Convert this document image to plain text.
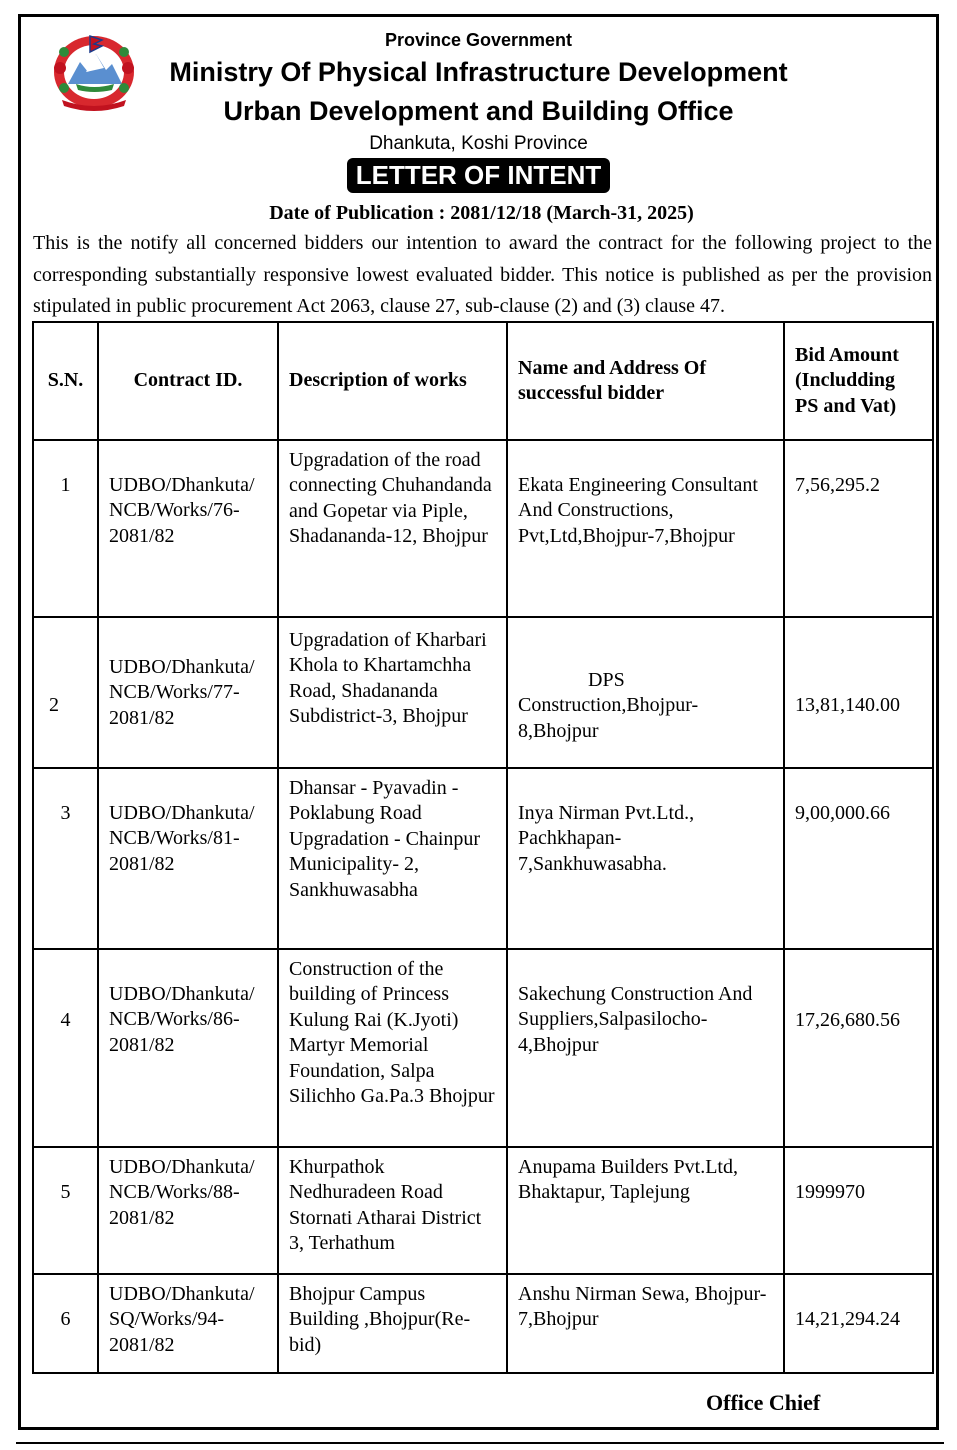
Province Government
Ministry Of Physical Infrastructure Development
Urban Development and Building Office
Dhankuta, Koshi Province
LETTER OF INTENT
Date of Publication : 2081/12/18 (March-31, 2025)

This is the notify all concerned bidders our intention to award the contract for the following project to the corresponding substantially responsive lowest evaluated bidder. This notice is published as per the provision stipulated in public procurement Act 2063, clause 27, sub-clause (2) and (3) clause 47.

S.N.	Contract ID.	Description of works	Name and Address Of successful bidder	Bid Amount (Includding PS and Vat)

1	UDBO/Dhankuta/ NCB/Works/76- 2081/82	Upgradation of the road connecting Chuhandanda and Gopetar via Piple, Shadananda-12, Bhojpur	Ekata Engineering Consultant And Constructions, Pvt,Ltd,Bhojpur-7,Bhojpur	7,56,295.2

2	UDBO/Dhankuta/ NCB/Works/77- 2081/82	Upgradation of Kharbari Khola to Khartamchha Road, Shadananda Subdistrict-3, Bhojpur	DPS Construction,Bhojpur- 8,Bhojpur	13,81,140.00

3	UDBO/Dhankuta/ NCB/Works/81- 2081/82	Dhansar - Pyavadin - Poklabung Road Upgradation - Chainpur Municipality- 2, Sankhuwasabha	Inya Nirman Pvt.Ltd., Pachkhapan- 7,Sankhuwasabha.	9,00,000.66

4	UDBO/Dhankuta/ NCB/Works/86- 2081/82	Construction of the building of Princess Kulung Rai (K.Jyoti) Martyr Memorial Foundation, Salpa Silichho Ga.Pa.3 Bhojpur	Sakechung Construction And Suppliers,Salpasilocho- 4,Bhojpur	17,26,680.56

5	UDBO/Dhankuta/ NCB/Works/88- 2081/82	Khurpathok Nedhuradeen Road Stornati Atharai District 3, Terhathum	Anupama Builders Pvt.Ltd, Bhaktapur, Taplejung	1999970

6	UDBO/Dhankuta/ SQ/Works/94- 2081/82	Bhojpur Campus Building ,Bhojpur(Re-bid)	Anshu Nirman Sewa, Bhojpur- 7,Bhojpur	14,21,294.24
Office Chief
